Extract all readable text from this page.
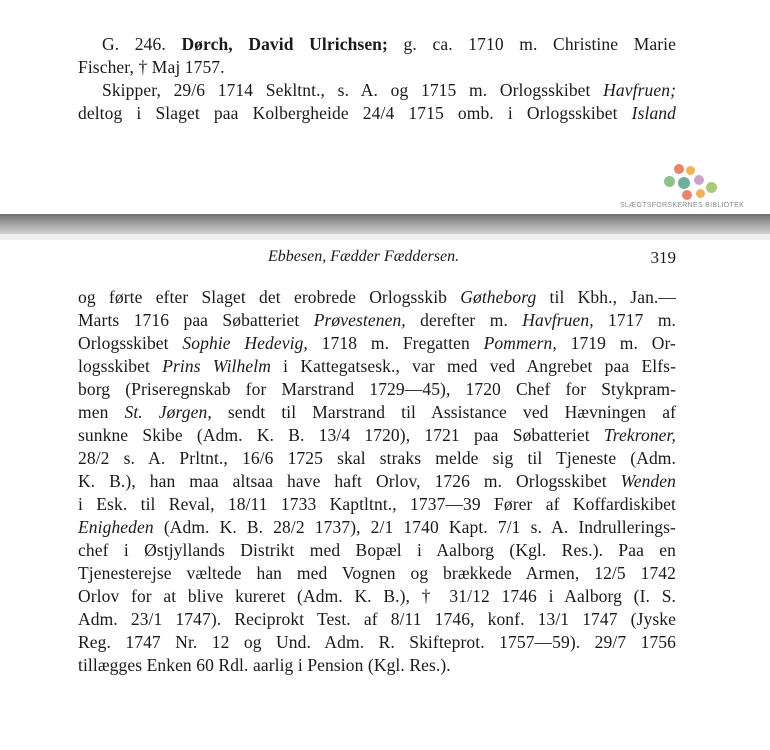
G. 246. Dørch, David Ulrichsen; g. ca. 1710 m. Christine Marie
Fischer, † Maj 1757.
Skipper, 29/6 1714 Sekltnt., s. A. og 1715 m. Orlogsskibet Havfruen;
deltog i Slaget paa Kolbergheide 24/4 1715 omb. i Orlogsskibet Island
SLÆGTSFORSKERNES BIBLIOTEK
Ebbesen, Fædder Fæddersen.	319
og førte efter Slaget det erobrede Orlogsskib Gøtheborg til Kbh., Jan.—
Marts 1716 paa Søbatteriet Prøvestenen, derefter m. Havfruen, 1717 m.
Orlogsskibet Sophie Hedevig, 1718 m. Fregatten Pommern, 1719 m. Or-
logsskibet Prins Wilhelm i Kattegatsesk., var med ved Angrebet paa Elfs-
borg (Priseregnskab for Marstrand 1729—45), 1720 Chef for Stykpram-
men St. Jørgen, sendt til Marstrand til Assistance ved Hævningen af
sunkne Skibe (Adm. K. B. 13/4 1720), 1721 paa Søbatteriet Trekroner,
28/2 s. A. Prltnt., 16/6 1725 skal straks melde sig til Tjeneste (Adm.
K. B.), han maa altsaa have haft Orlov, 1726 m. Orlogsskibet Wenden
i Esk. til Reval, 18/11 1733 Kaptltnt., 1737—39 Fører af Koffardiskibet
Enigheden (Adm. K. B. 28/2 1737), 2/1 1740 Kapt. 7/1 s. A. Indrullerings-
chef i Østjyllands Distrikt med Bopæl i Aalborg (Kgl. Res.). Paa en
Tjenesterejse væltede han med Vognen og brækkede Armen, 12/5 1742
Orlov for at blive kureret (Adm. K. B.), † 31/12 1746 i Aalborg (I. S.
Adm. 23/1 1747). Reciprokt Test. af 8/11 1746, konf. 13/1 1747 (Jyske
Reg. 1747 Nr. 12 og Und. Adm. R. Skifteprot. 1757—59). 29/7 1756
tillægges Enken 60 Rdl. aarlig i Pension (Kgl. Res.).
